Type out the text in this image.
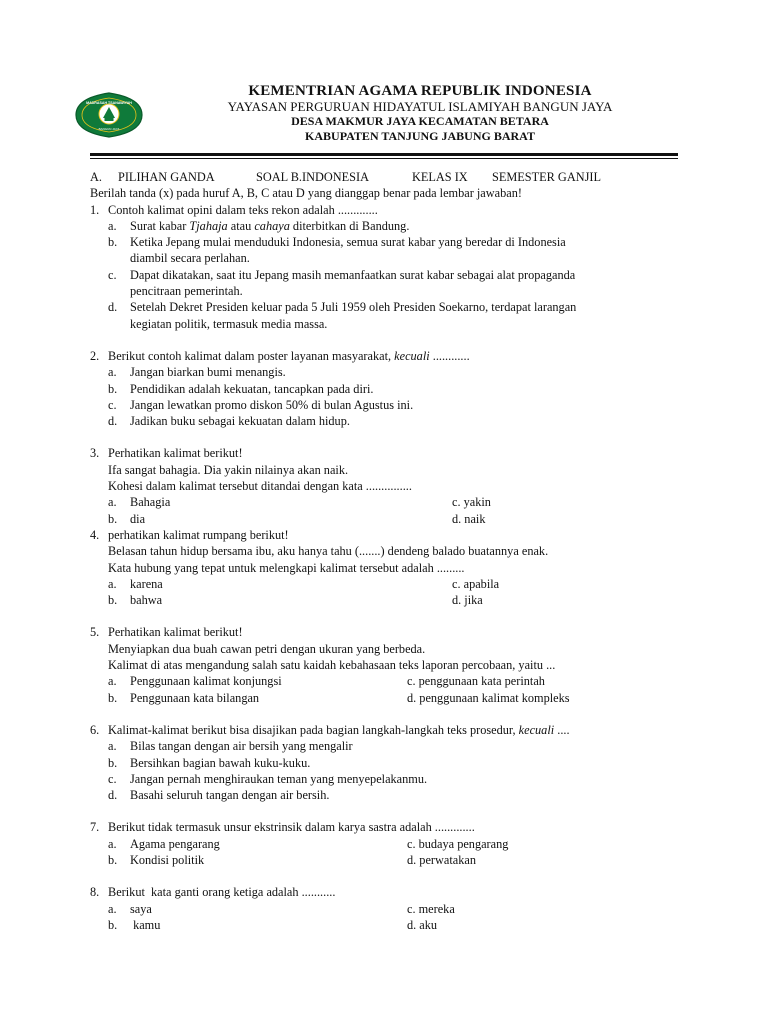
MADRASAH TSANAWIYAH
BANGUN JAYA
KEMENTRIAN AGAMA REPUBLIK INDONESIA
YAYASAN PERGURUAN HIDAYATUL ISLAMIYAH BANGUN JAYA
DESA MAKMUR JAYA KECAMATAN BETARA
KABUPATEN TANJUNG JABUNG BARAT
A. PILIHAN GANDA	SOAL B.INDONESIA	KELAS IX SEMESTER GANJIL
Berilah tanda (x) pada huruf A, B, C atau D yang dianggap benar pada lembar jawaban!
1. Contoh kalimat opini dalam teks rekon adalah .............
a. Surat kabar Tjahaja atau cahaya diterbitkan di Bandung.
b. Ketika Jepang mulai menduduki Indonesia, semua surat kabar yang beredar di Indonesia
diambil secara perlahan.
c. Dapat dikatakan, saat itu Jepang masih memanfaatkan surat kabar sebagai alat propaganda
pencitraan pemerintah.
d. Setelah Dekret Presiden keluar pada 5 Juli 1959 oleh Presiden Soekarno, terdapat larangan
kegiatan politik, termasuk media massa.
2. Berikut contoh kalimat dalam poster layanan masyarakat, kecuali ............
a. Jangan biarkan bumi menangis.
b. Pendidikan adalah kekuatan, tancapkan pada diri.
c. Jangan lewatkan promo diskon 50% di bulan Agustus ini.
d. Jadikan buku sebagai kekuatan dalam hidup.
3. Perhatikan kalimat berikut!
Ifa sangat bahagia. Dia yakin nilainya akan naik.
Kohesi dalam kalimat tersebut ditandai dengan kata ...............
a. Bahagia	c. yakin
b. dia	d. naik
4. perhatikan kalimat rumpang berikut!
Belasan tahun hidup bersama ibu, aku hanya tahu (.......) dendeng balado buatannya enak.
Kata hubung yang tepat untuk melengkapi kalimat tersebut adalah .........
a. karena	c. apabila
b. bahwa	d. jika
5. Perhatikan kalimat berikut!
Menyiapkan dua buah cawan petri dengan ukuran yang berbeda.
Kalimat di atas mengandung salah satu kaidah kebahasaan teks laporan percobaan, yaitu ...
a. Penggunaan kalimat konjungsi	c. penggunaan kata perintah
b. Penggunaan kata bilangan	d. penggunaan kalimat kompleks
6. Kalimat-kalimat berikut bisa disajikan pada bagian langkah-langkah teks prosedur, kecuali ....
a. Bilas tangan dengan air bersih yang mengalir
b. Bersihkan bagian bawah kuku-kuku.
c. Jangan pernah menghiraukan teman yang menyepelakanmu.
d. Basahi seluruh tangan dengan air bersih.
7. Berikut tidak termasuk unsur ekstrinsik dalam karya sastra adalah .............
a. Agama pengarang	c. budaya pengarang
b. Kondisi politik	d. perwatakan
8. Berikut  kata ganti orang ketiga adalah ...........
a. saya	c. mereka
b. kamu	d. aku
